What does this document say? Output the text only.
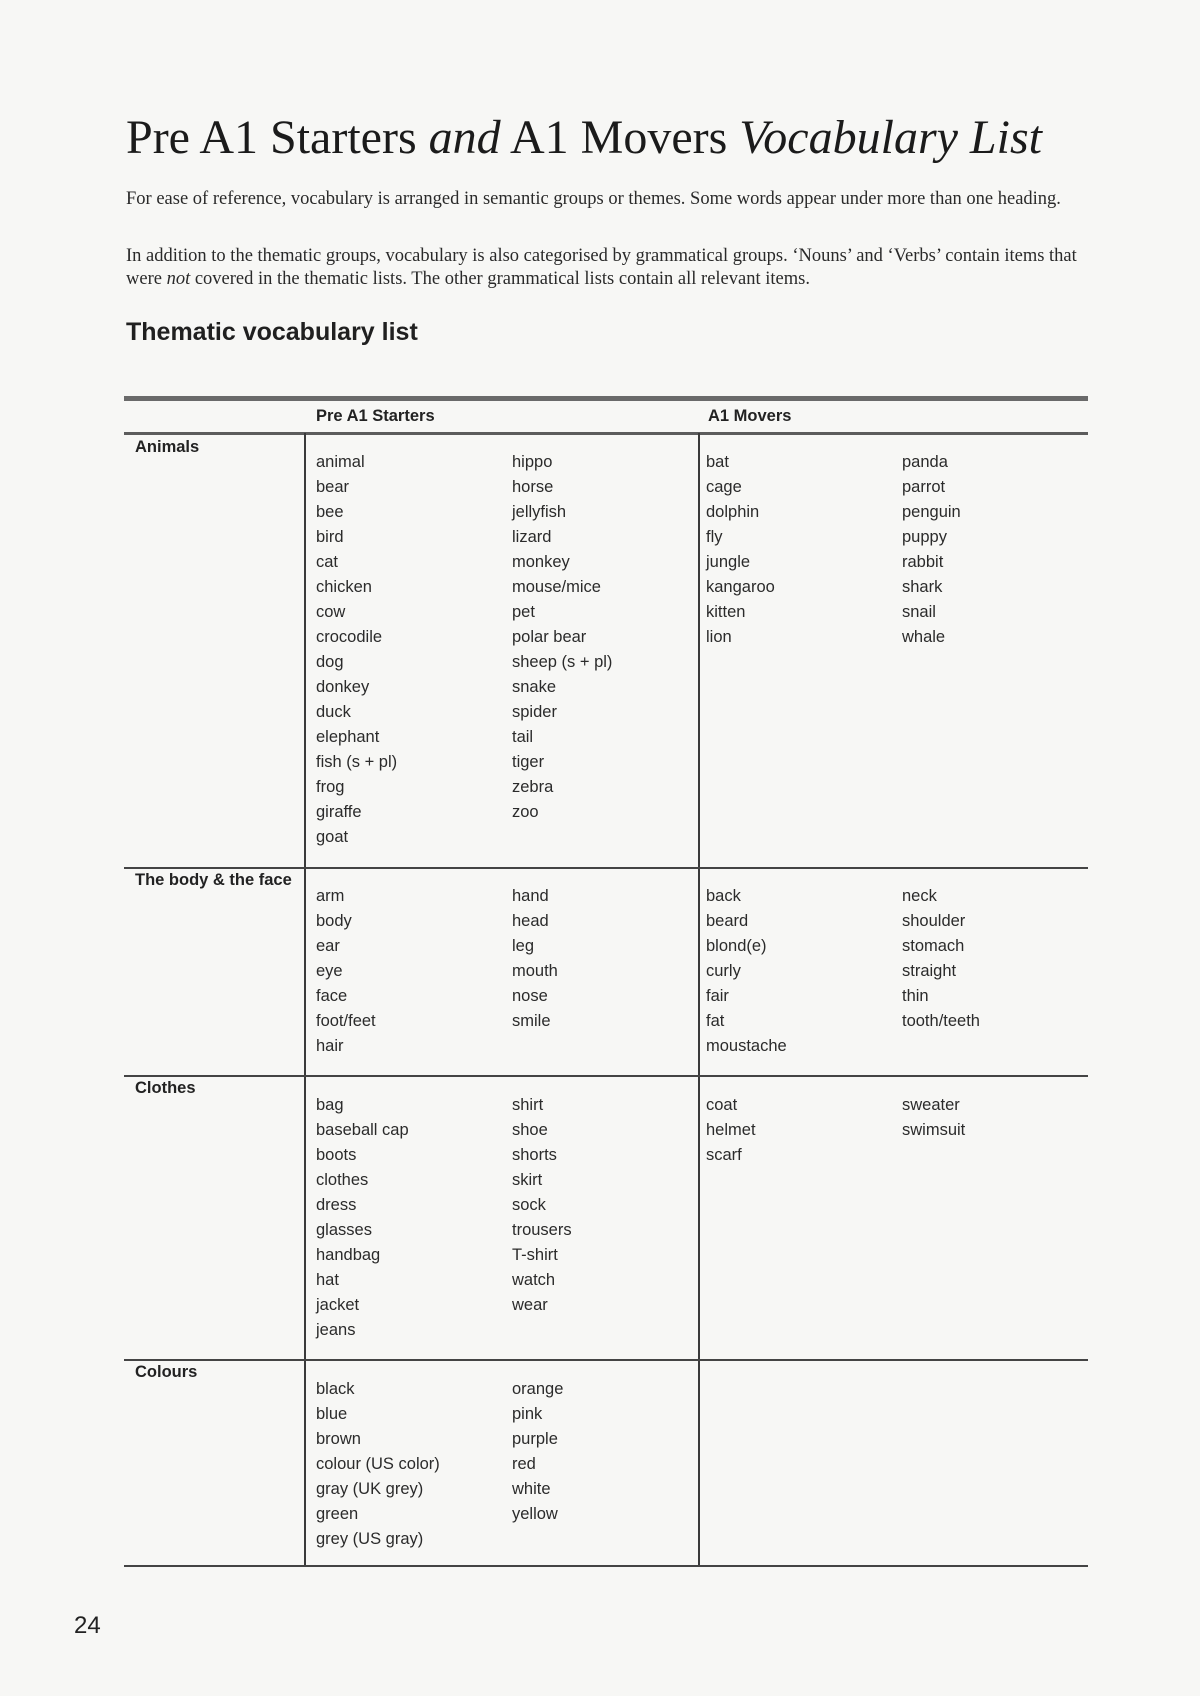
Pre A1 Starters and A1 Movers Vocabulary List

For ease of reference, vocabulary is arranged in semantic groups or themes. Some words appear under more than one heading.

In addition to the thematic groups, vocabulary is also categorised by grammatical groups. ‘Nouns’ and ‘Verbs’ contain items that were not covered in the thematic lists. The other grammatical lists contain all relevant items.

Thematic vocabulary list
Pre A1 Starters	A1 Movers
Animals
animal
bear
bee
bird
cat
chicken
cow
crocodile
dog
donkey
duck
elephant
fish (s + pl)
frog
giraffe
goat
hippo
horse
jellyfish
lizard
monkey
mouse/mice
pet
polar bear
sheep (s + pl)
snake
spider
tail
tiger
zebra
zoo
bat
cage
dolphin
fly
jungle
kangaroo
kitten
lion
panda
parrot
penguin
puppy
rabbit
shark
snail
whale
The body & the face
arm
body
ear
eye
face
foot/feet
hair
hand
head
leg
mouth
nose
smile
back
beard
blond(e)
curly
fair
fat
moustache
neck
shoulder
stomach
straight
thin
tooth/teeth
Clothes
bag
baseball cap
boots
clothes
dress
glasses
handbag
hat
jacket
jeans
shirt
shoe
shorts
skirt
sock
trousers
T-shirt
watch
wear
coat
helmet
scarf
sweater
swimsuit
Colours
black
blue
brown
colour (US color)
gray (UK grey)
green
grey (US gray)
orange
pink
purple
red
white
yellow
24
